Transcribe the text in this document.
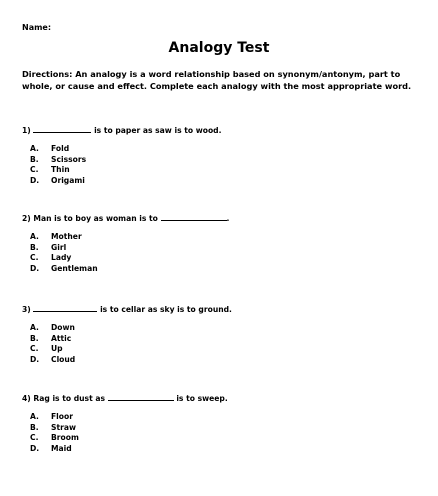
Name:
Analogy Test
Directions: An analogy is a word relationship based on synonym/antonym, part to whole, or cause and effect. Complete each analogy with the most appropriate word.
1)	is to paper as saw is to wood.
A. Fold
B. Scissors
C. Thin
D. Origami
2) Man is to boy as woman is to	.
A. Mother
B. Girl
C. Lady
D. Gentleman
3)	is to cellar as sky is to ground.
A. Down
B. Attic
C. Up
D. Cloud
4) Rag is to dust as	is to sweep.
A. Floor
B. Straw
C. Broom
D. Maid
